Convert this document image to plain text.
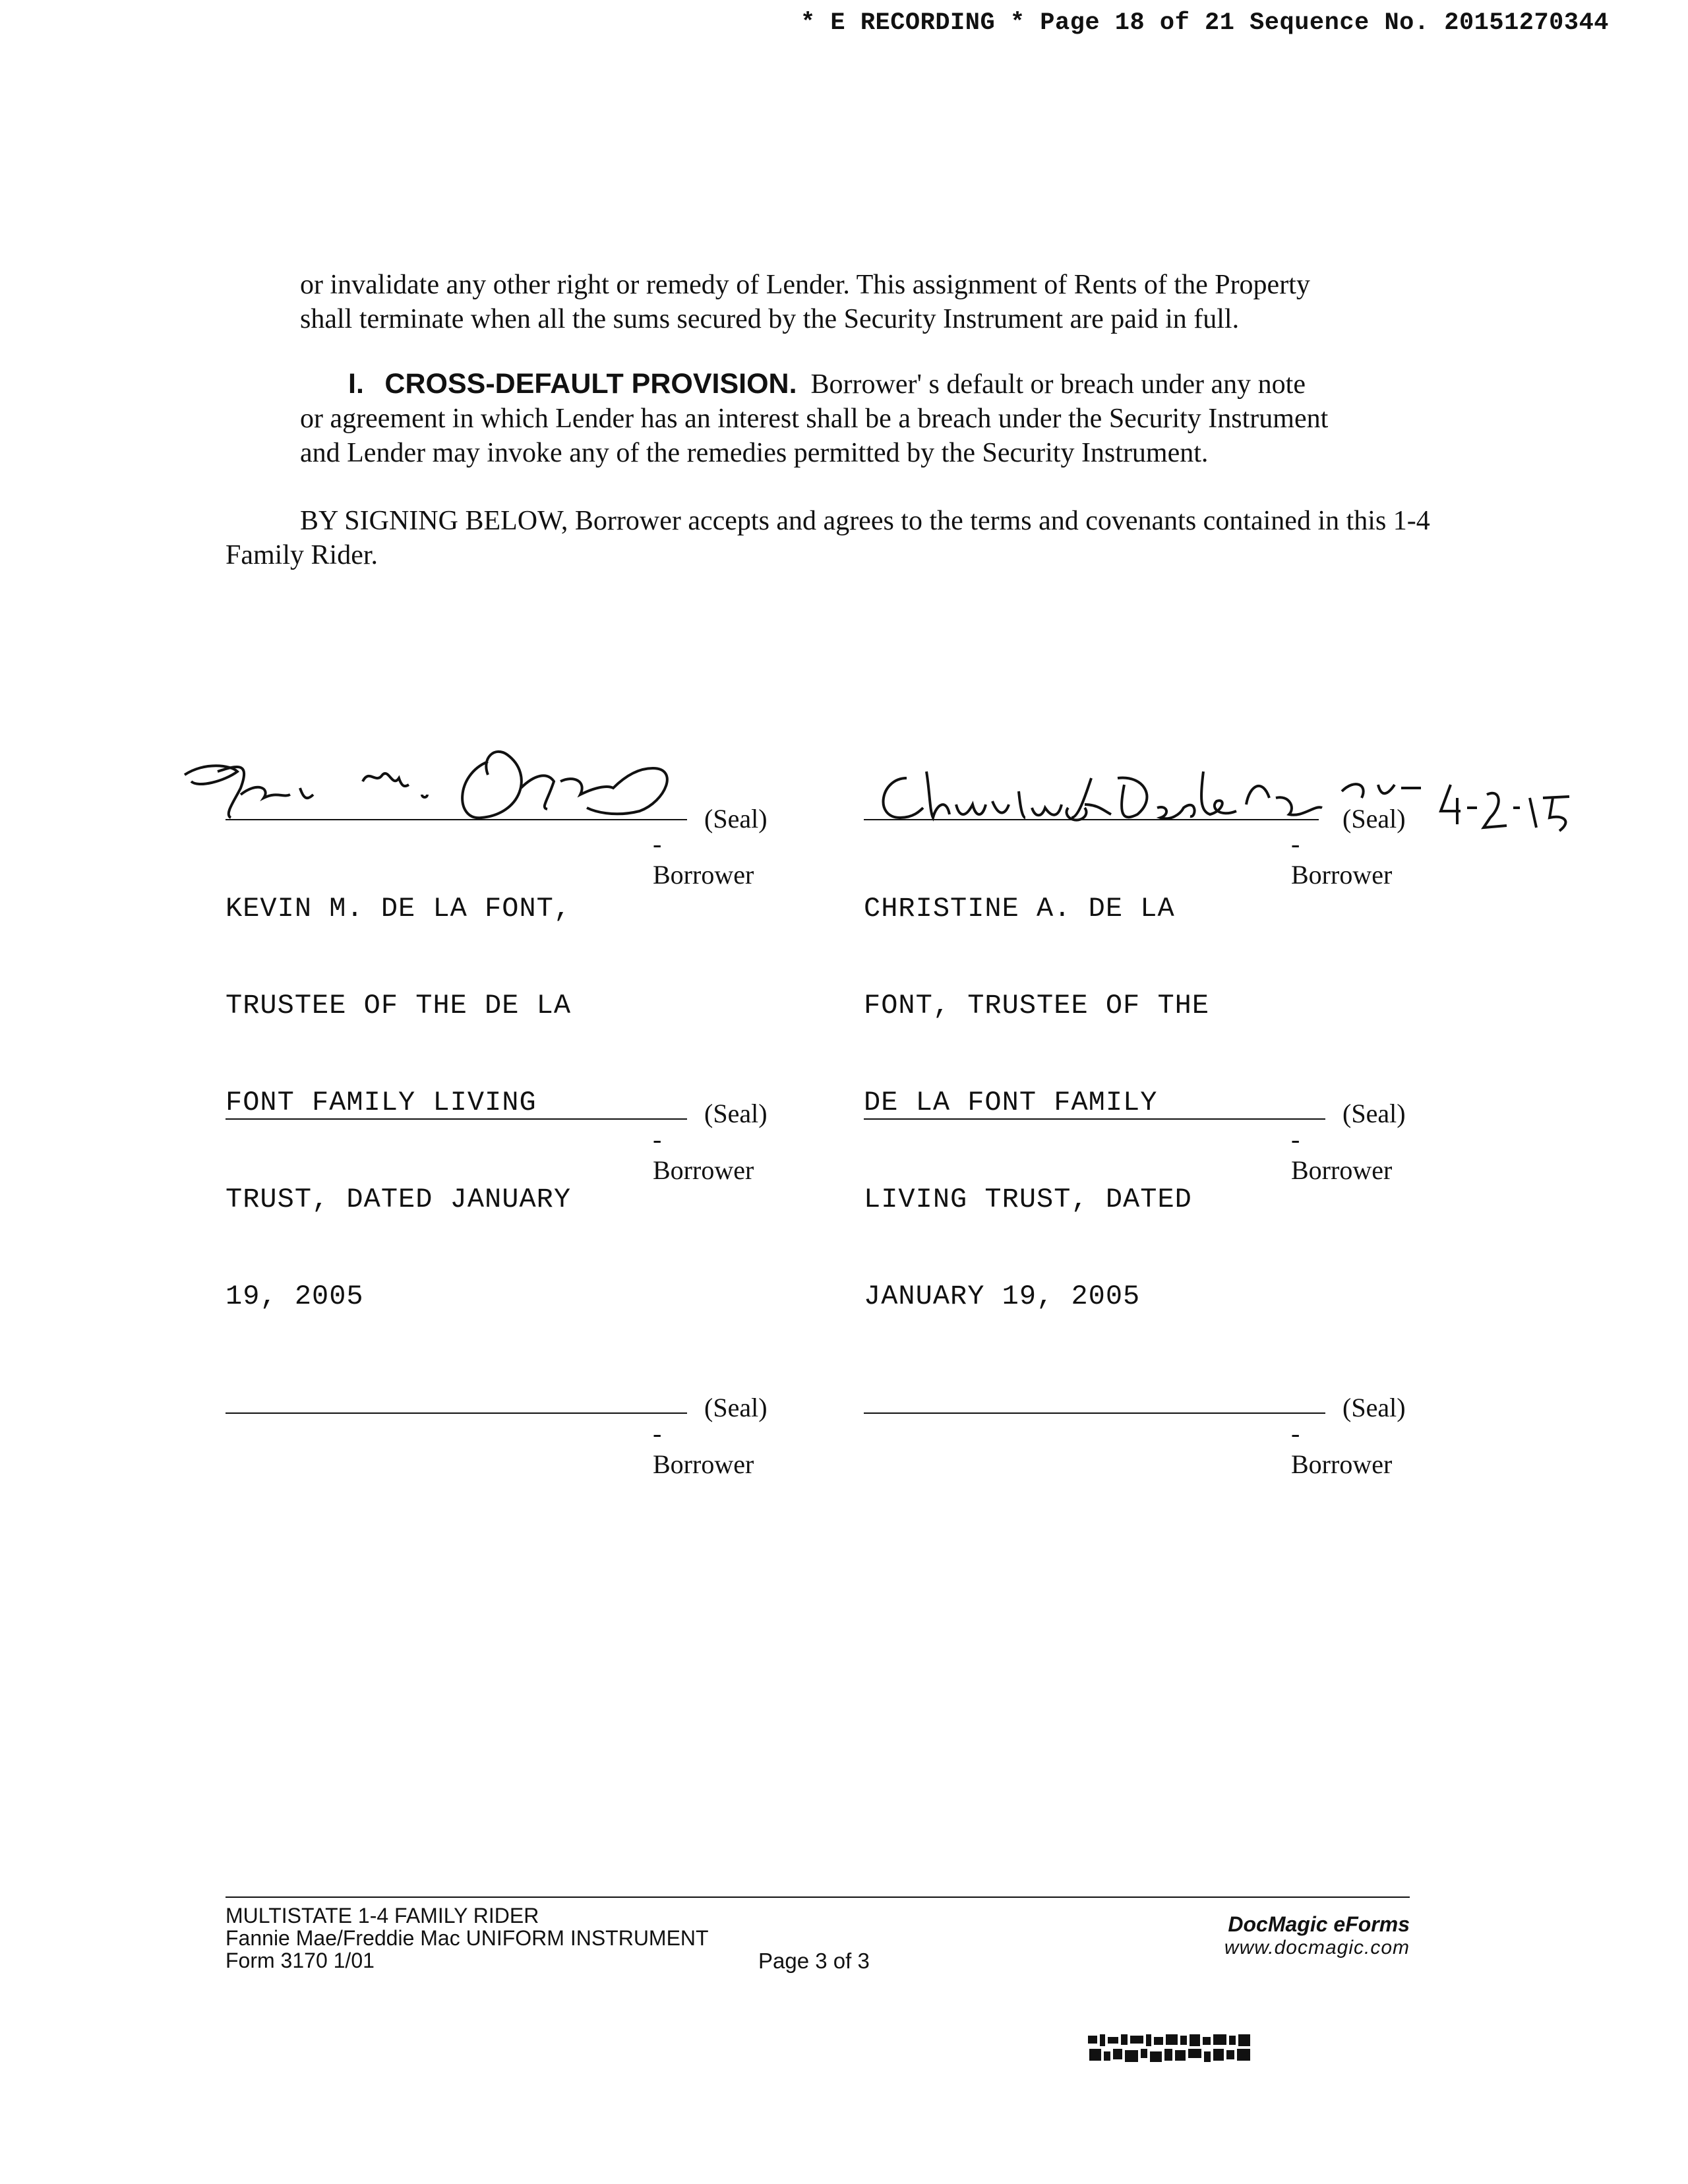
* E RECORDING * Page 18 of 21 Sequence No. 20151270344
or invalidate any other right or remedy of Lender. This assignment of Rents of the Property
shall terminate when all the sums secured by the Security Instrument are paid in full.
I. CROSS-DEFAULT PROVISION. Borrower' s default or breach under any note
or agreement in which Lender has an interest shall be a breach under the Security Instrument
and Lender may invoke any of the remedies permitted by the Security Instrument.
BY SIGNING BELOW, Borrower accepts and agrees to the terms and covenants contained in this 1-4
Family Rider.
(Seal)
-Borrower

KEVIN M. DE LA FONT,

TRUSTEE OF THE DE LA

FONT FAMILY LIVING

TRUST, DATED JANUARY

19, 2005

(Seal)
-Borrower

CHRISTINE A. DE LA

FONT, TRUSTEE OF THE

DE LA FONT FAMILY

LIVING TRUST, DATED

JANUARY 19, 2005

(Seal)
-Borrower
(Seal)
-Borrower
(Seal)
-Borrower
(Seal)
-Borrower
MULTISTATE 1-4 FAMILY RIDER
Fannie Mae/Freddie Mac UNIFORM INSTRUMENT
Form 3170 1/01	Page 3 of 3
DocMagic eForms
www.docmagic.com
